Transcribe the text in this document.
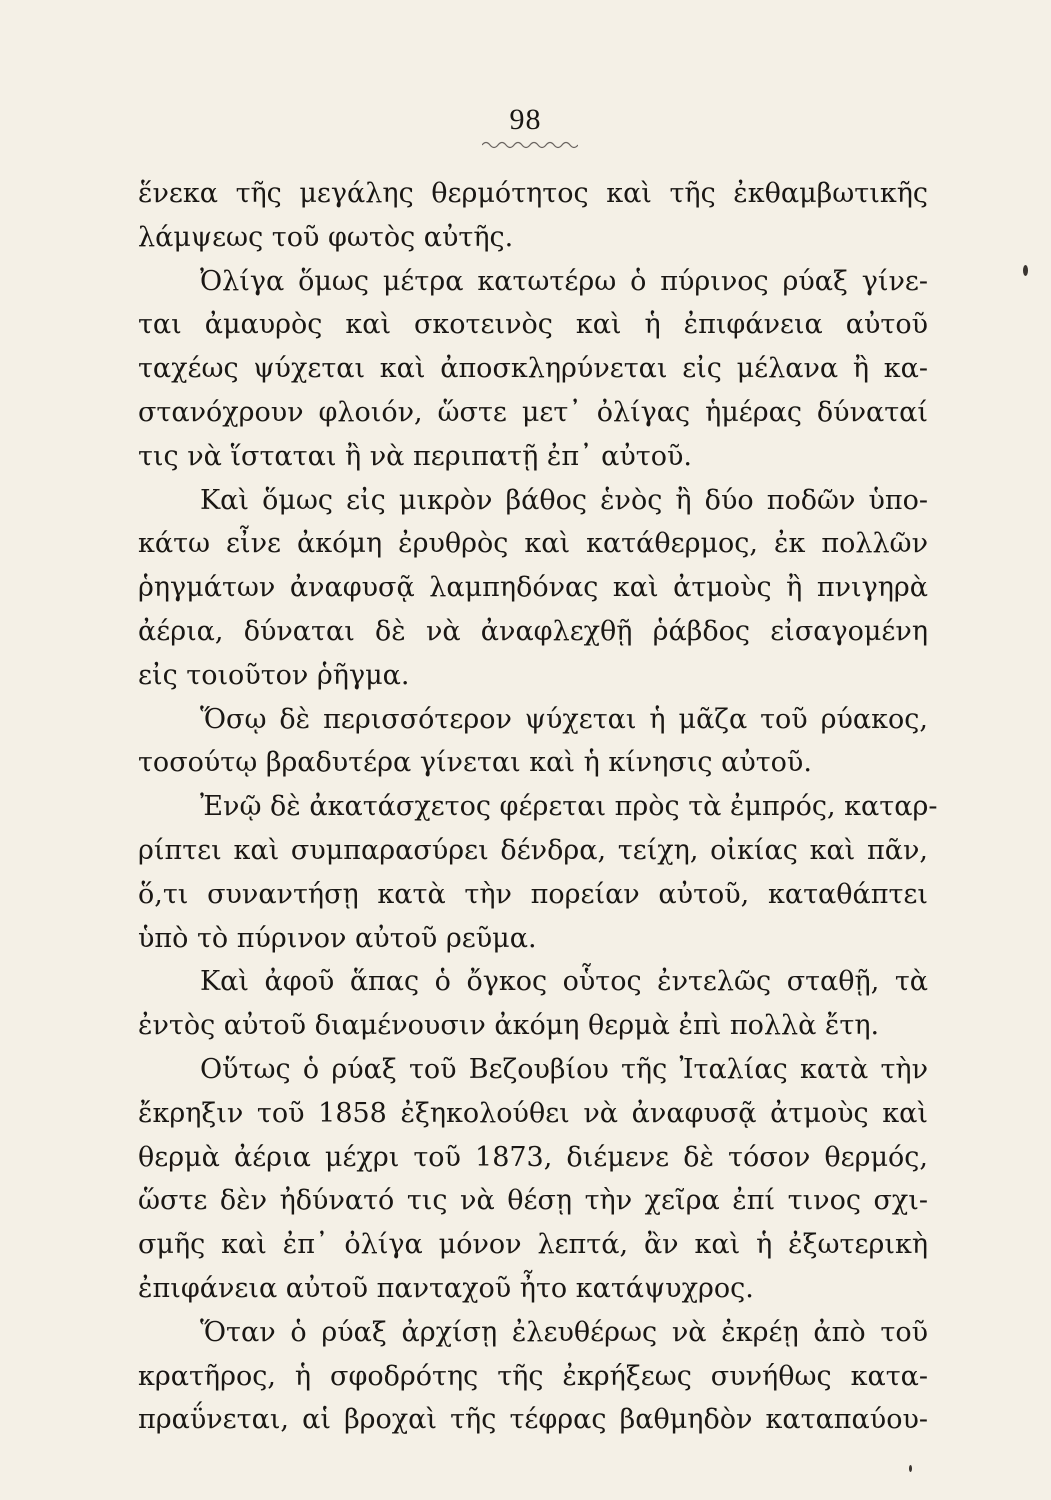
98
ἕνεκα τῆς μεγάλης θερμότητος καὶ τῆς ἐκθαμβωτικῆς
λάμψεως τοῦ φωτὸς αὐτῆς.
Ὀλίγα ὅμως μέτρα κατωτέρω ὁ πύρινος ρύαξ γίνε-
ται ἀμαυρὸς καὶ σκοτεινὸς καὶ ἡ ἐπιφάνεια αὐτοῦ
ταχέως ψύχεται καὶ ἀποσκληρύνεται εἰς μέλανα ἢ κα-
στανόχρουν φλοιόν, ὥστε μετ᾽ ὀλίγας ἡμέρας δύναταί
τις νὰ ἵσταται ἢ νὰ περιπατῇ ἐπ᾽ αὐτοῦ.
Καὶ ὅμως εἰς μικρὸν βάθος ἑνὸς ἢ δύο ποδῶν ὑπο-
κάτω εἶνε ἀκόμη ἐρυθρὸς καὶ κατάθερμος, ἐκ πολλῶν
ῥηγμάτων ἀναφυσᾷ λαμπηδόνας καὶ ἀτμοὺς ἢ πνιγηρὰ
ἀέρια, δύναται δὲ νὰ ἀναφλεχθῇ ῥάβδος εἰσαγομένη
εἰς τοιοῦτον ῥῆγμα.
Ὅσῳ δὲ περισσότερον ψύχεται ἡ μᾶζα τοῦ ρύακος,
τοσούτῳ βραδυτέρα γίνεται καὶ ἡ κίνησις αὐτοῦ.
Ἐνῷ δὲ ἀκατάσχετος φέρεται πρὸς τὰ ἐμπρός, καταρ-
ρίπτει καὶ συμπαρασύρει δένδρα, τείχη, οἰκίας καὶ πᾶν,
ὅ,τι συναντήσῃ κατὰ τὴν πορείαν αὐτοῦ, καταθάπτει
ὑπὸ τὸ πύρινον αὐτοῦ ρεῦμα.
Καὶ ἀφοῦ ἅπας ὁ ὄγκος οὗτος ἐντελῶς σταθῇ, τὰ
ἐντὸς αὐτοῦ διαμένουσιν ἀκόμη θερμὰ ἐπὶ πολλὰ ἔτη.
Οὕτως ὁ ρύαξ τοῦ Βεζουβίου τῆς Ἰταλίας κατὰ τὴν
ἔκρηξιν τοῦ 1858 ἐξηκολούθει νὰ ἀναφυσᾷ ἀτμοὺς καὶ
θερμὰ ἀέρια μέχρι τοῦ 1873, διέμενε δὲ τόσον θερμός,
ὥστε δὲν ἠδύνατό τις νὰ θέσῃ τὴν χεῖρα ἐπί τινος σχι-
σμῆς καὶ ἐπ᾽ ὀλίγα μόνον λεπτά, ἂν καὶ ἡ ἐξωτερικὴ
ἐπιφάνεια αὐτοῦ πανταχοῦ ἦτο κατάψυχρος.
Ὅταν ὁ ρύαξ ἀρχίσῃ ἐλευθέρως νὰ ἐκρέῃ ἀπὸ τοῦ
κρατῆρος, ἡ σφοδρότης τῆς ἐκρήξεως συνήθως κατα-
πραΰνεται, αἱ βροχαὶ τῆς τέφρας βαθμηδὸν καταπαύου-
